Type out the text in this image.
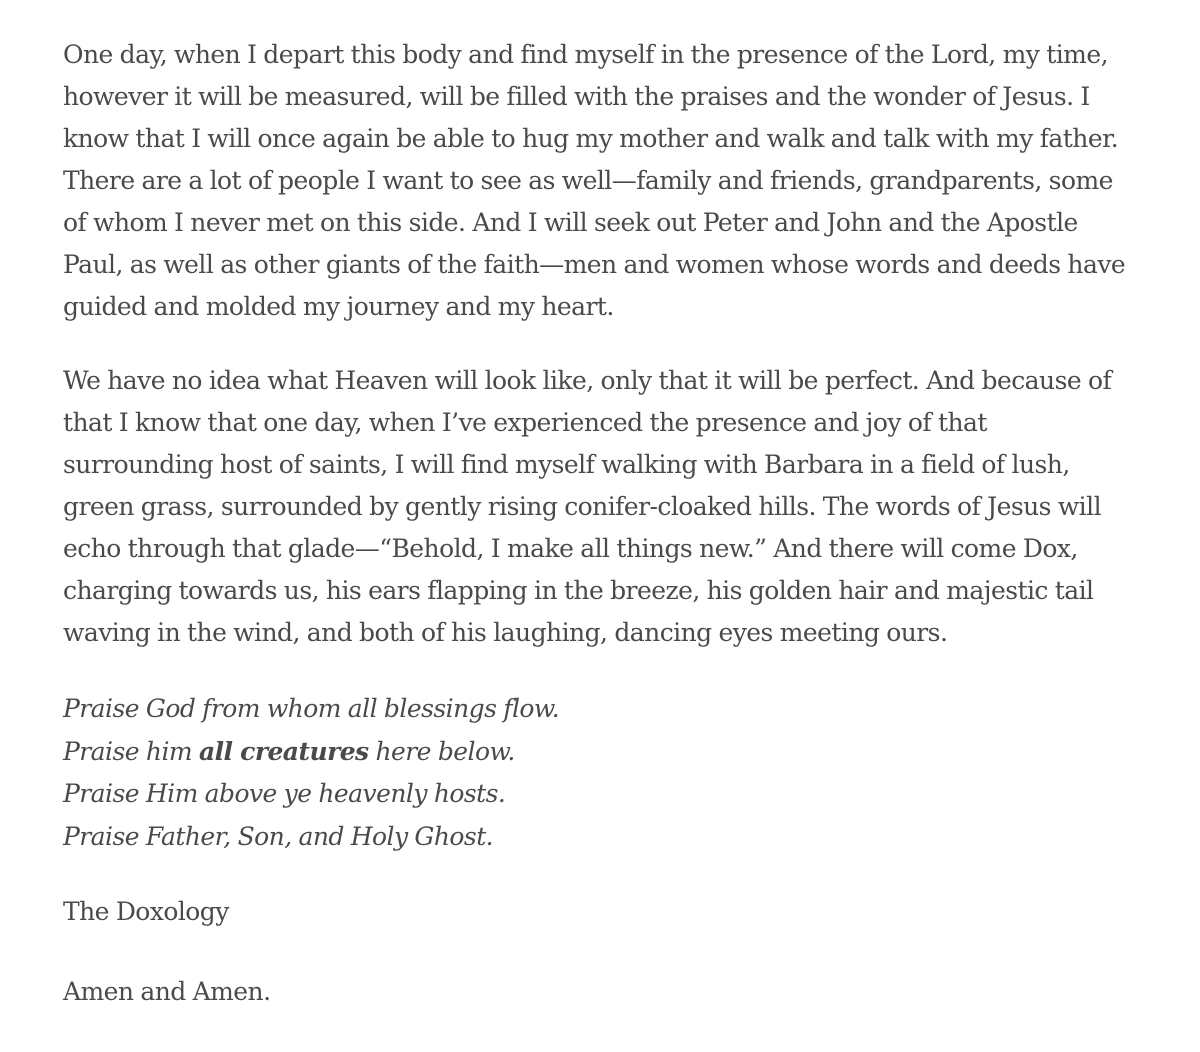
One day, when I depart this body and find myself in the presence of the Lord, my time,
however it will be measured, will be filled with the praises and the wonder of Jesus. I
know that I will once again be able to hug my mother and walk and talk with my father.
There are a lot of people I want to see as well—family and friends, grandparents, some
of whom I never met on this side. And I will seek out Peter and John and the Apostle
Paul, as well as other giants of the faith—men and women whose words and deeds have
guided and molded my journey and my heart.

We have no idea what Heaven will look like, only that it will be perfect. And because of
that I know that one day, when I’ve experienced the presence and joy of that
surrounding host of saints, I will find myself walking with Barbara in a field of lush,
green grass, surrounded by gently rising conifer-cloaked hills. The words of Jesus will
echo through that glade—“Behold, I make all things new.” And there will come Dox,
charging towards us, his ears flapping in the breeze, his golden hair and majestic tail
waving in the wind, and both of his laughing, dancing eyes meeting ours.

Praise God from whom all blessings flow.
Praise him all creatures here below.
Praise Him above ye heavenly hosts.
Praise Father, Son, and Holy Ghost.

The Doxology

Amen and Amen.
